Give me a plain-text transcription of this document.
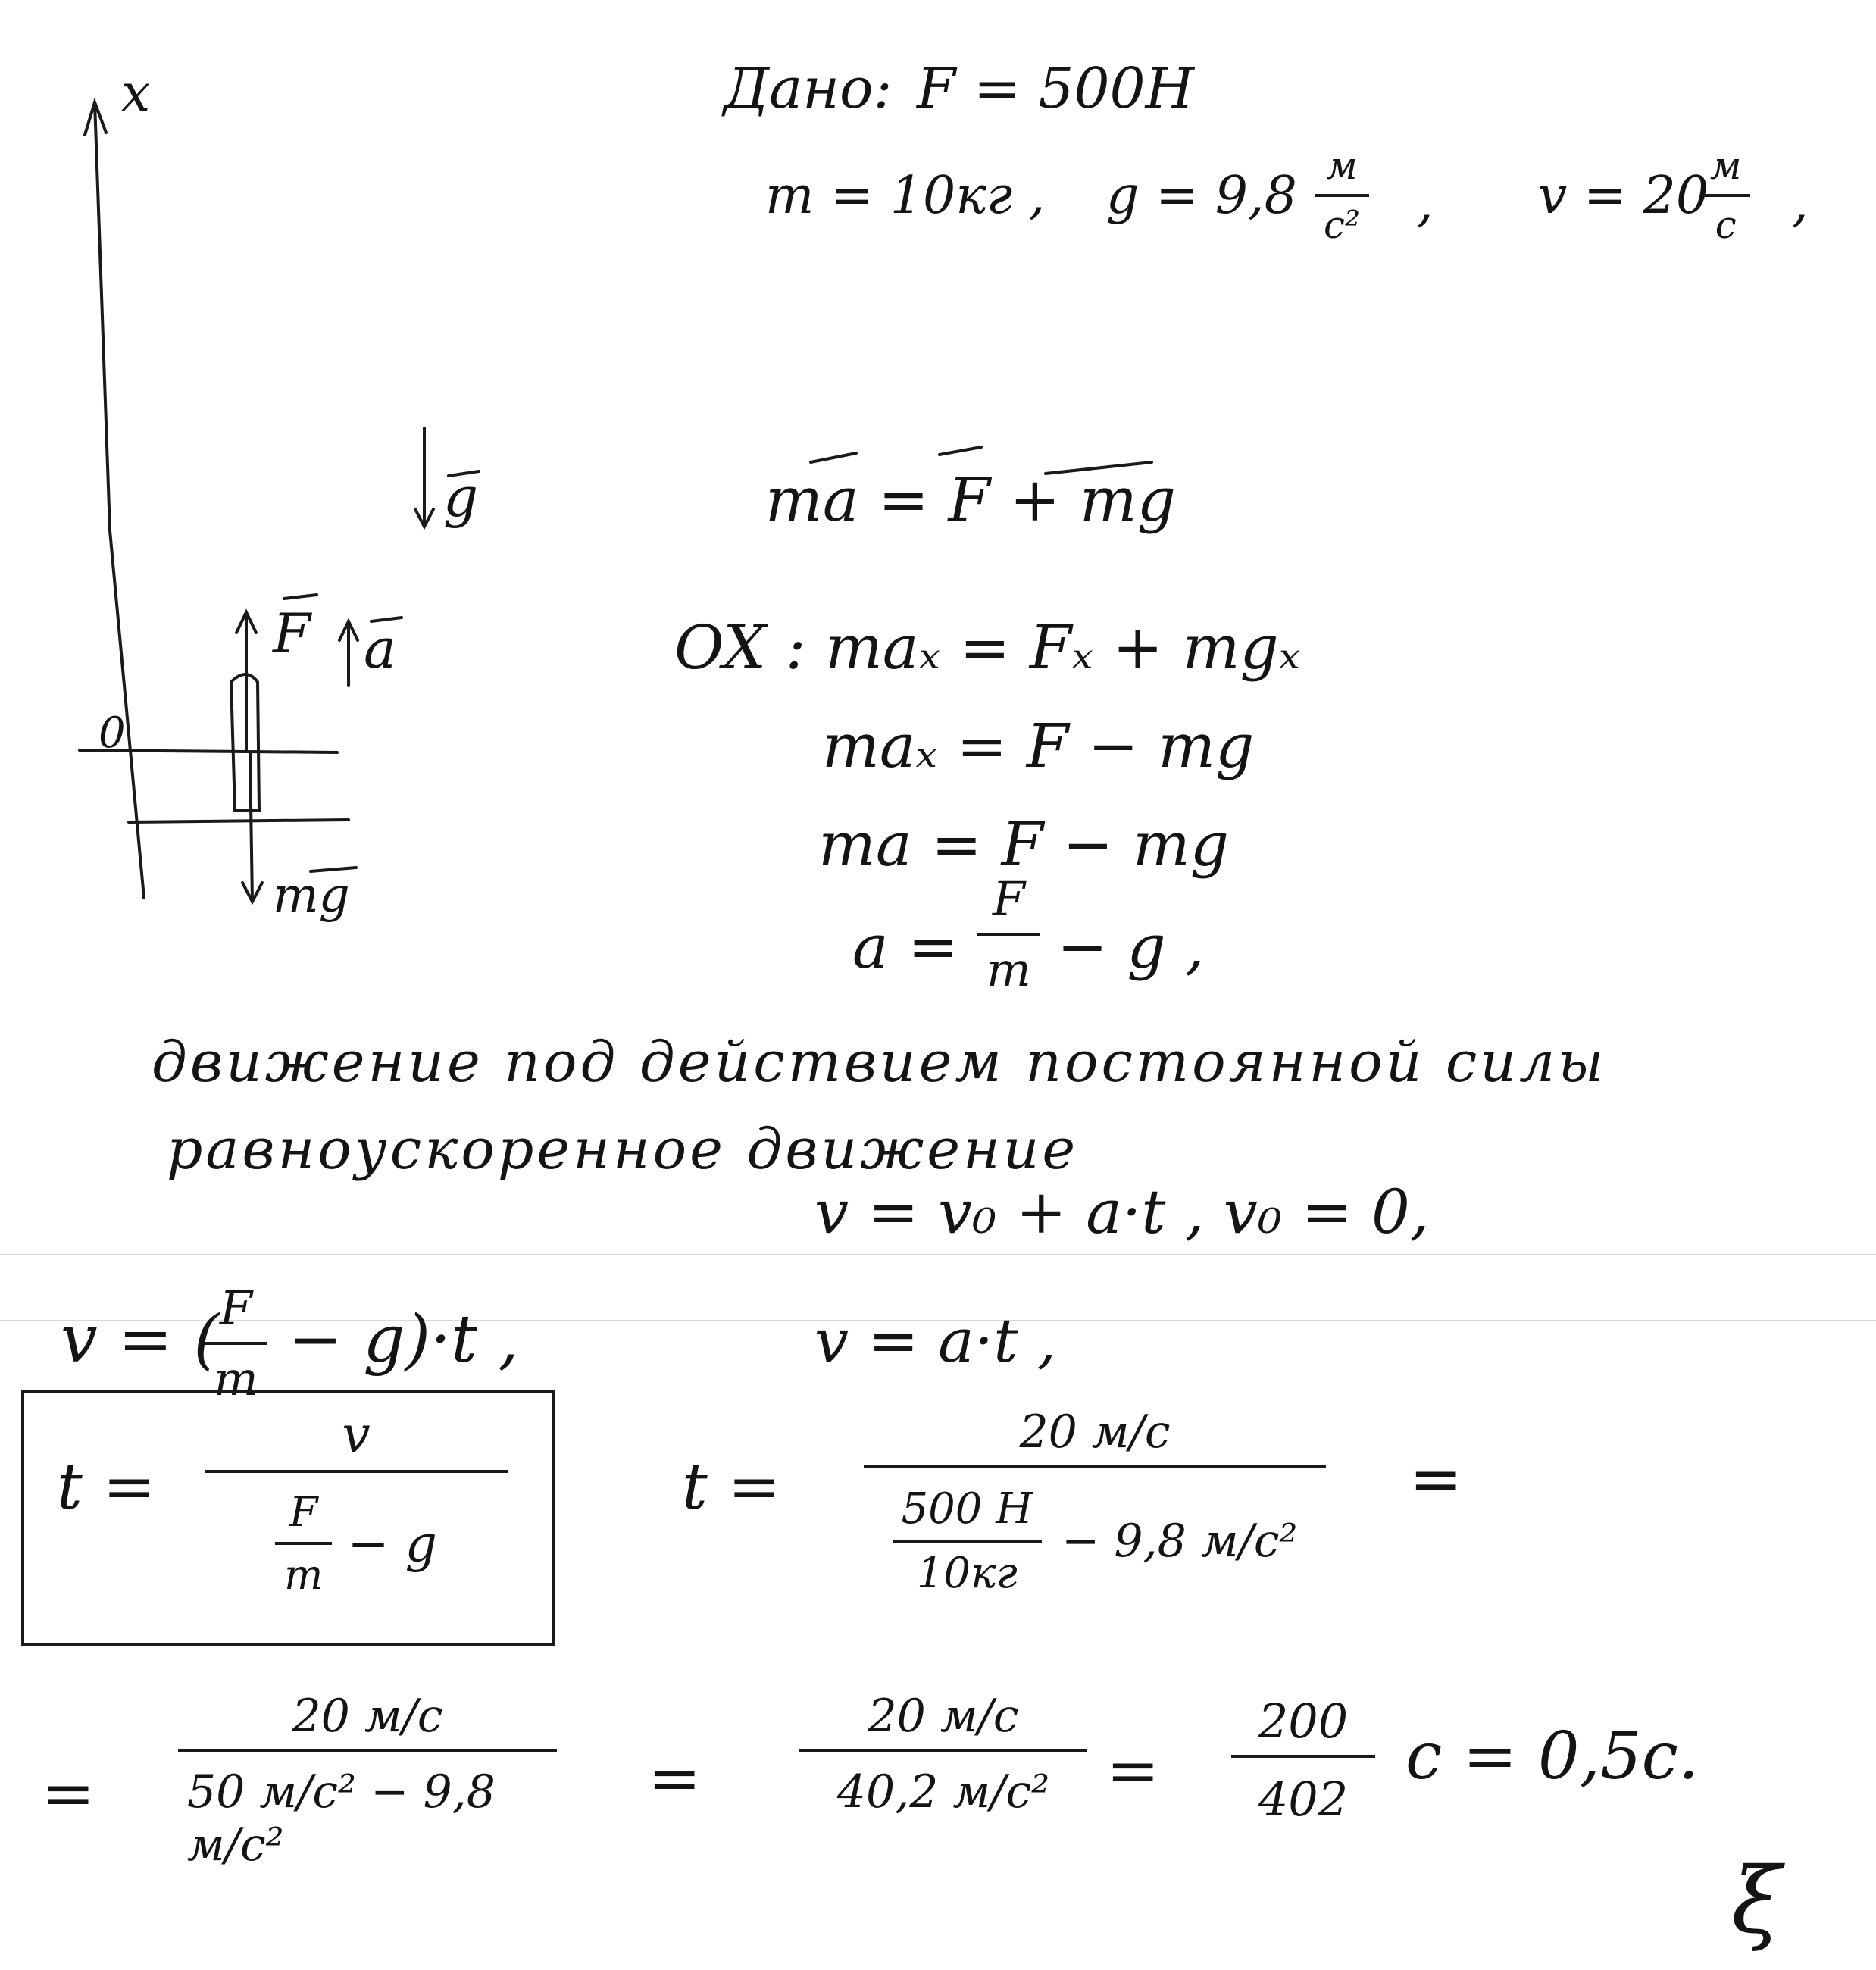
Дано: F = 500H
m = 10кг , g = 9,8 м
с² , v = 20 м
с ,
x
0
g
F a
mg
ma = F + mg
OX : maₓ = Fₓ + mgₓ
maₓ = F − mg
ma = F − mg
a =
F
m − g ,
движение под действием постоянной силы
равноускоренное движение
v = v₀ + a·t , v₀ = 0,
v = a·t ,
v = ( F
m
− g)·t ,
t =
v
$\frac{F}{m} - g$
t =
20 м/с
$\frac{500 H}{10кг} - 9,8$ м/с²
=
=
20 м/с
50 м/с² − 9,8 м/с²
=
20 м/с
40,2 м/с² =
200
402
с = 0,5с.
ξ
